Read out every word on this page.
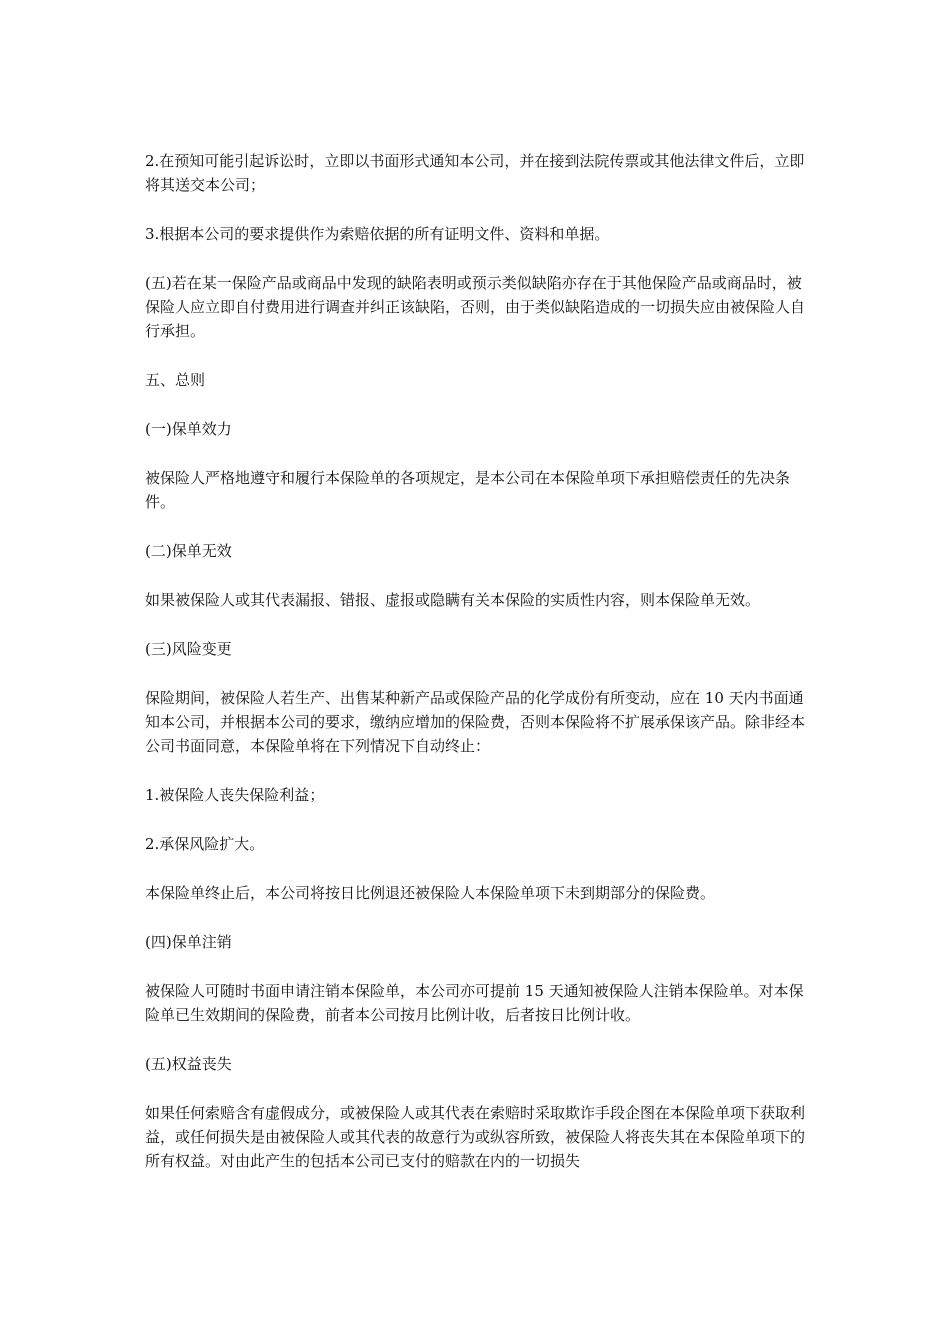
2.在预知可能引起诉讼时，立即以书面形式通知本公司，并在接到法院传票或其他法律文件后，立即将其送交本公司；

3.根据本公司的要求提供作为索赔依据的所有证明文件、资料和单据。

(五)若在某一保险产品或商品中发现的缺陷表明或预示类似缺陷亦存在于其他保险产品或商品时，被保险人应立即自付费用进行调查并纠正该缺陷，否则，由于类似缺陷造成的一切损失应由被保险人自行承担。

五、总则

(一)保单效力

被保险人严格地遵守和履行本保险单的各项规定，是本公司在本保险单项下承担赔偿责任的先决条件。

(二)保单无效

如果被保险人或其代表漏报、错报、虚报或隐瞒有关本保险的实质性内容，则本保险单无效。

(三)风险变更

保险期间，被保险人若生产、出售某种新产品或保险产品的化学成份有所变动，应在 10 天内书面通知本公司，并根据本公司的要求，缴纳应增加的保险费，否则本保险将不扩展承保该产品。除非经本公司书面同意，本保险单将在下列情况下自动终止：

1.被保险人丧失保险利益；

2.承保风险扩大。

本保险单终止后，本公司将按日比例退还被保险人本保险单项下未到期部分的保险费。

(四)保单注销

被保险人可随时书面申请注销本保险单，本公司亦可提前 15 天通知被保险人注销本保险单。对本保险单已生效期间的保险费，前者本公司按月比例计收，后者按日比例计收。

(五)权益丧失

如果任何索赔含有虚假成分，或被保险人或其代表在索赔时采取欺诈手段企图在本保险单项下获取利益，或任何损失是由被保险人或其代表的故意行为或纵容所致，被保险人将丧失其在本保险单项下的所有权益。对由此产生的包括本公司已支付的赔款在内的一切损失
